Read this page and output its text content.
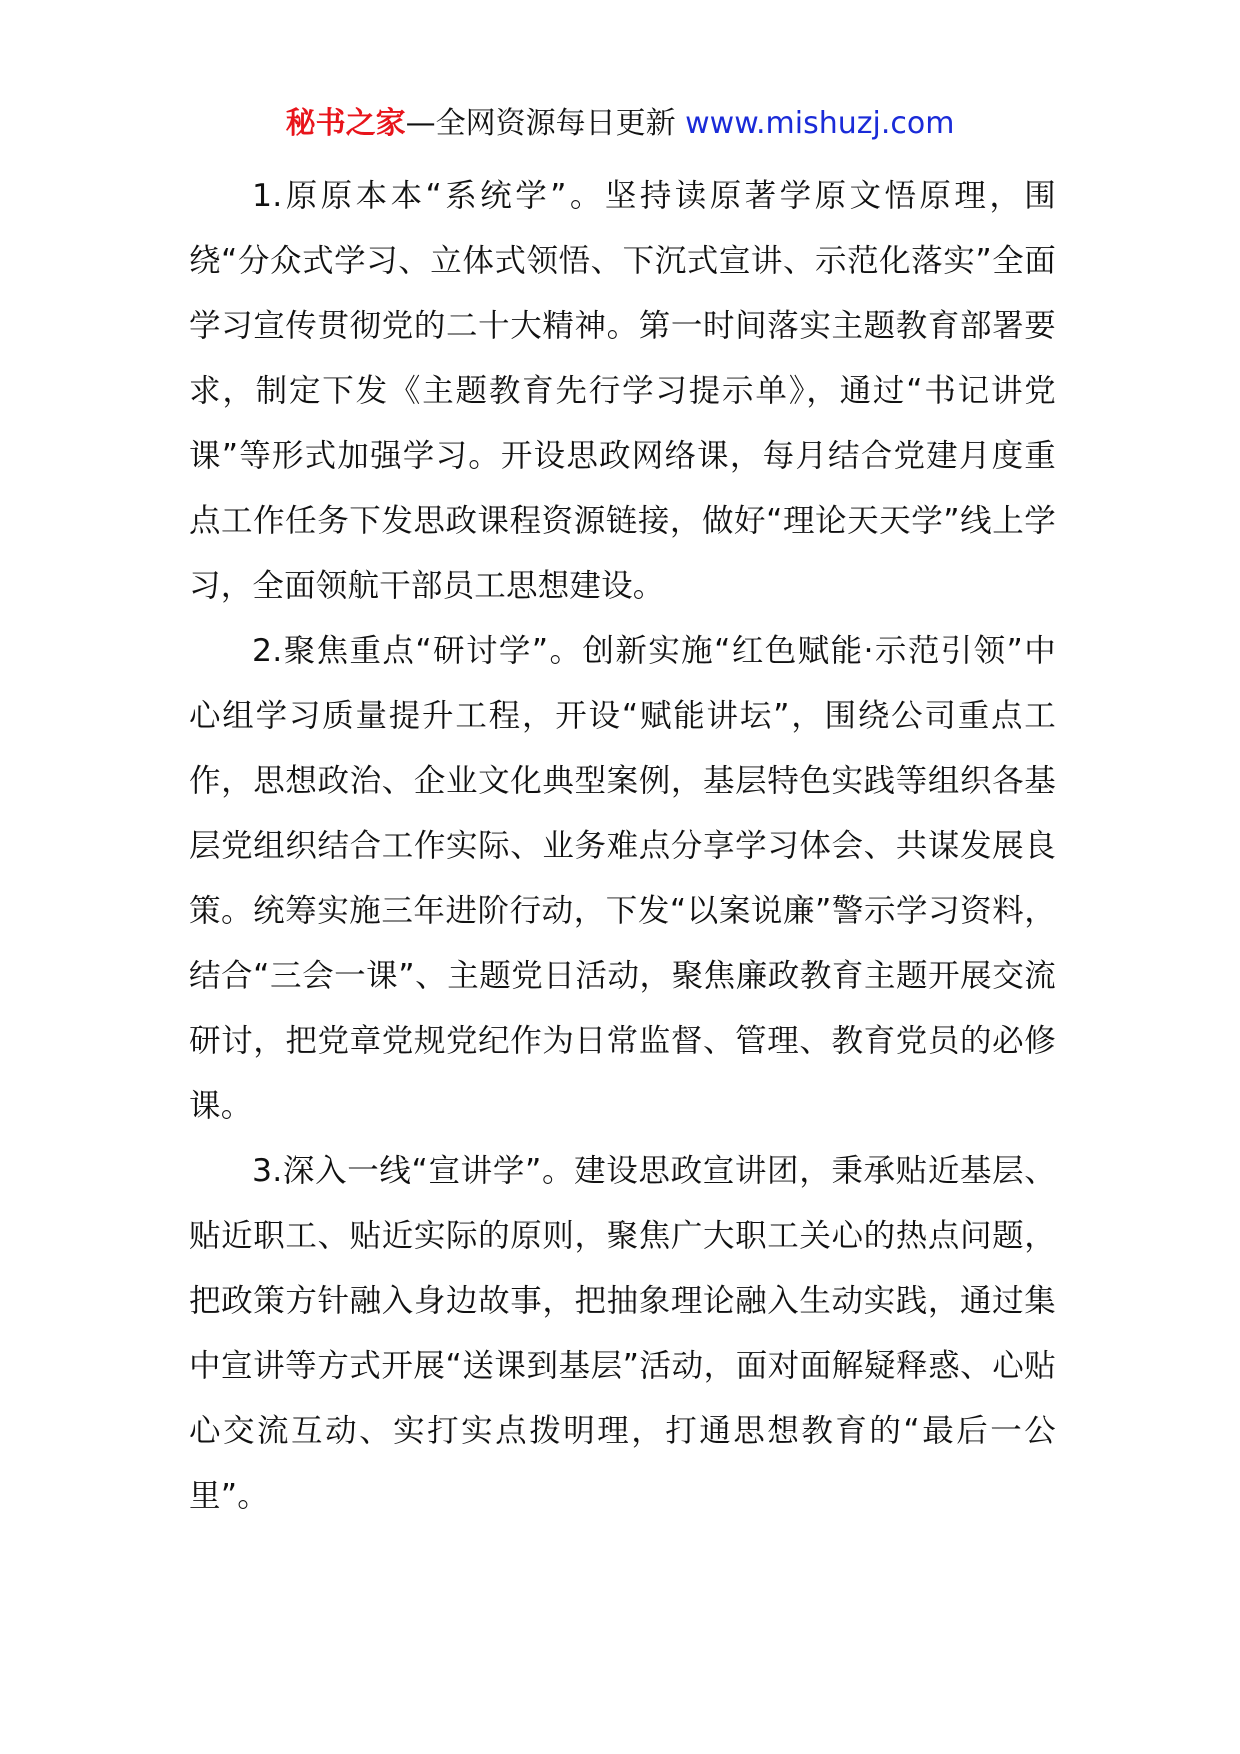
秘书之家—全网资源每日更新 www.mishuzj.com

1.原原本本“系统学”。坚持读原著学原文悟原理，围绕“分众式学习、立体式领悟、下沉式宣讲、示范化落实”全面学习宣传贯彻党的二十大精神。第一时间落实主题教育部署要求，制定下发《主题教育先行学习提示单》，通过“书记讲党课”等形式加强学习。开设思政网络课，每月结合党建月度重点工作任务下发思政课程资源链接，做好“理论天天学”线上学习，全面领航干部员工思想建设。

2.聚焦重点“研讨学”。创新实施“红色赋能·示范引领”中心组学习质量提升工程，开设“赋能讲坛”，围绕公司重点工作，思想政治、企业文化典型案例，基层特色实践等组织各基层党组织结合工作实际、业务难点分享学习体会、共谋发展良策。统筹实施三年进阶行动，下发“以案说廉”警示学习资料，结合“三会一课”、主题党日活动，聚焦廉政教育主题开展交流研讨，把党章党规党纪作为日常监督、管理、教育党员的必修课。

3.深入一线“宣讲学”。建设思政宣讲团，秉承贴近基层、贴近职工、贴近实际的原则，聚焦广大职工关心的热点问题，把政策方针融入身边故事，把抽象理论融入生动实践，通过集中宣讲等方式开展“送课到基层”活动，面对面解疑释惑、心贴心交流互动、实打实点拨明理，打通思想教育的“最后一公里”。
